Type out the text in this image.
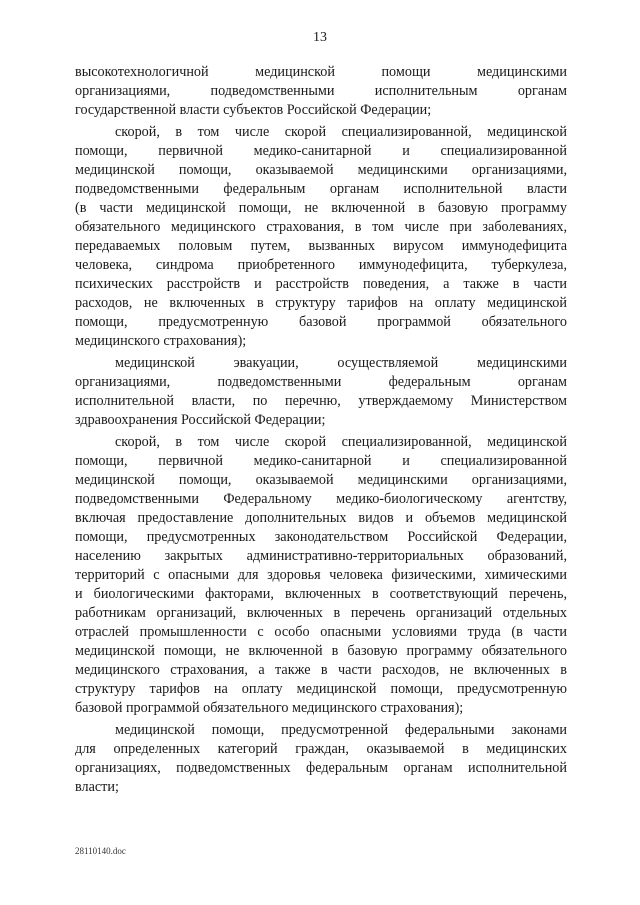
13
высокотехнологичной медицинской помощи медицинскими
организациями, подведомственными исполнительным органам
государственной власти субъектов Российской Федерации;
скорой, в том числе скорой специализированной, медицинской
помощи, первичной медико-санитарной и специализированной
медицинской помощи, оказываемой медицинскими организациями,
подведомственными федеральным органам исполнительной власти
(в части медицинской помощи, не включенной в базовую программу
обязательного медицинского страхования, в том числе при заболеваниях,
передаваемых половым путем, вызванных вирусом иммунодефицита
человека, синдрома приобретенного иммунодефицита, туберкулеза,
психических расстройств и расстройств поведения, а также в части
расходов, не включенных в структуру тарифов на оплату медицинской
помощи, предусмотренную базовой программой обязательного
медицинского страхования);
медицинской эвакуации, осуществляемой медицинскими
организациями, подведомственными федеральным органам
исполнительной власти, по перечню, утверждаемому Министерством
здравоохранения Российской Федерации;
скорой, в том числе скорой специализированной, медицинской
помощи, первичной медико-санитарной и специализированной
медицинской помощи, оказываемой медицинскими организациями,
подведомственными Федеральному медико-биологическому агентству,
включая предоставление дополнительных видов и объемов медицинской
помощи, предусмотренных законодательством Российской Федерации,
населению закрытых административно-территориальных образований,
территорий с опасными для здоровья человека физическими, химическими
и биологическими факторами, включенных в соответствующий перечень,
работникам организаций, включенных в перечень организаций отдельных
отраслей промышленности с особо опасными условиями труда (в части
медицинской помощи, не включенной в базовую программу обязательного
медицинского страхования, а также в части расходов, не включенных в
структуру тарифов на оплату медицинской помощи, предусмотренную
базовой программой обязательного медицинского страхования);
медицинской помощи, предусмотренной федеральными законами
для определенных категорий граждан, оказываемой в медицинских
организациях, подведомственных федеральным органам исполнительной
власти;
28110140.doc
